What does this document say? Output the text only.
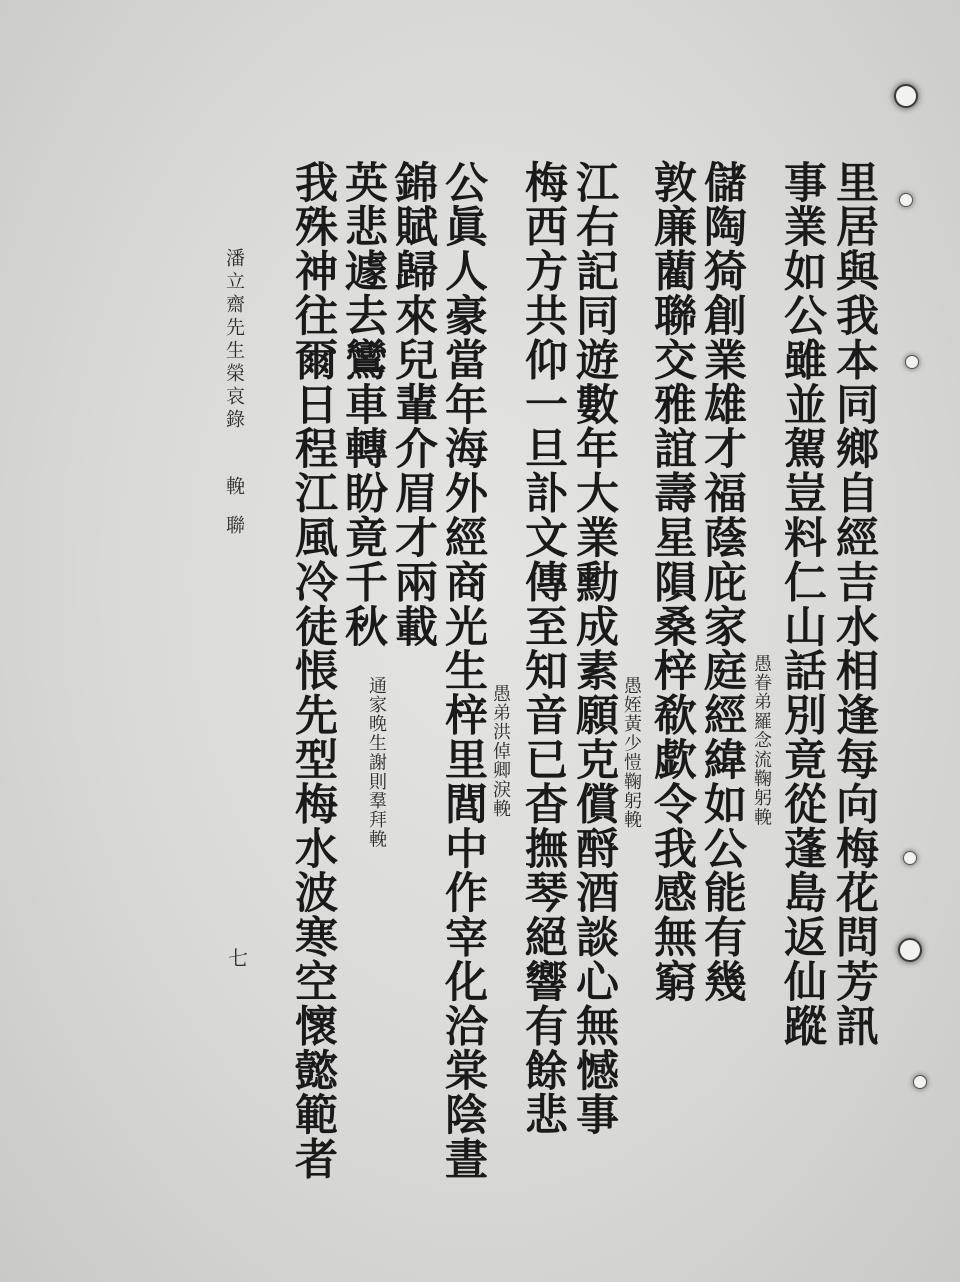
里居與我本同鄉自經吉水相逢每向梅花問芳訊
事業如公雖並駕豈料仁山話別竟從蓬島返仙蹤
愚眷弟羅念流鞠躬輓
儲陶猗創業雄才福蔭庇家庭經緯如公能有幾
敦廉藺聯交雅誼壽星隕桑梓欷歔令我感無窮
愚姪黃少愷鞠躬輓
江右記同遊數年大業勳成素願克償酹酒談心無憾事
梅西方共仰一旦訃文傳至知音已杳撫琴絕響有餘悲
愚弟洪倬卿淚輓
公眞人豪當年海外經商光生梓里閭中作宰化洽棠陰晝
錦賦歸來兒輩介眉才兩載
通家晚生謝則羣拜輓
英悲遽去鸞車轉盼竟千秋
我殊神往爾日程江風冷徒悵先型梅水波寒空懷懿範者
潘立齋先生榮哀錄輓聯
七
